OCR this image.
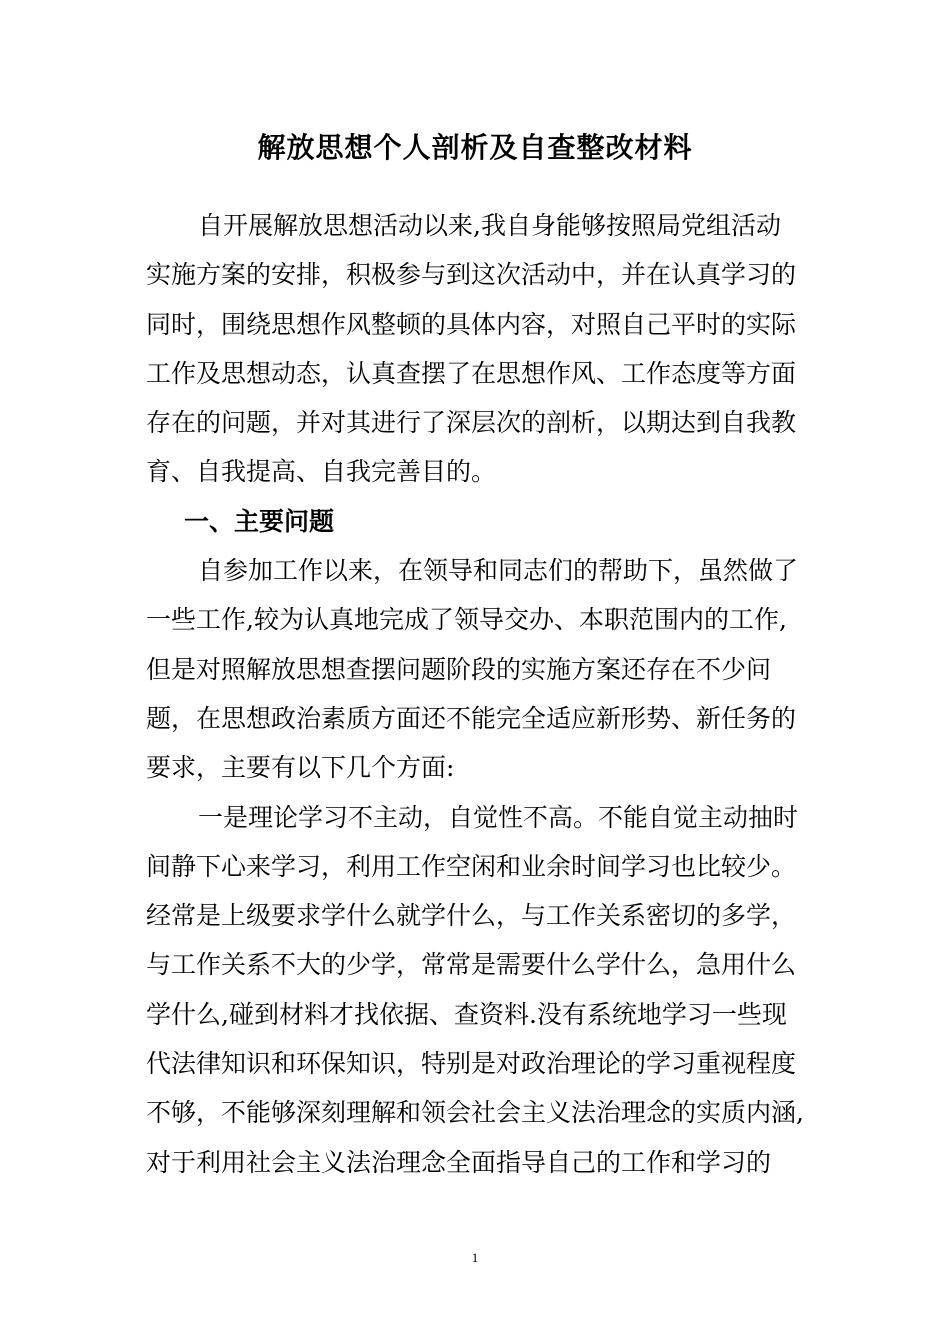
解放思想个人剖析及自查整改材料
自开展解放思想活动以来,我自身能够按照局党组活动
实施方案的安排，积极参与到这次活动中，并在认真学习的
同时，围绕思想作风整顿的具体内容，对照自己平时的实际
工作及思想动态，认真查摆了在思想作风、工作态度等方面
存在的问题，并对其进行了深层次的剖析，以期达到自我教
育、自我提高、自我完善目的。
一、主要问题
自参加工作以来，在领导和同志们的帮助下，虽然做了
一些工作,较为认真地完成了领导交办、本职范围内的工作,
但是对照解放思想查摆问题阶段的实施方案还存在不少问
题，在思想政治素质方面还不能完全适应新形势、新任务的
要求，主要有以下几个方面:
一是理论学习不主动，自觉性不高。不能自觉主动抽时
间静下心来学习，利用工作空闲和业余时间学习也比较少。
经常是上级要求学什么就学什么，与工作关系密切的多学，
与工作关系不大的少学，常常是需要什么学什么，急用什么
学什么,碰到材料才找依据、查资料.没有系统地学习一些现
代法律知识和环保知识，特别是对政治理论的学习重视程度
不够，不能够深刻理解和领会社会主义法治理念的实质内涵,
对于利用社会主义法治理念全面指导自己的工作和学习的
1
